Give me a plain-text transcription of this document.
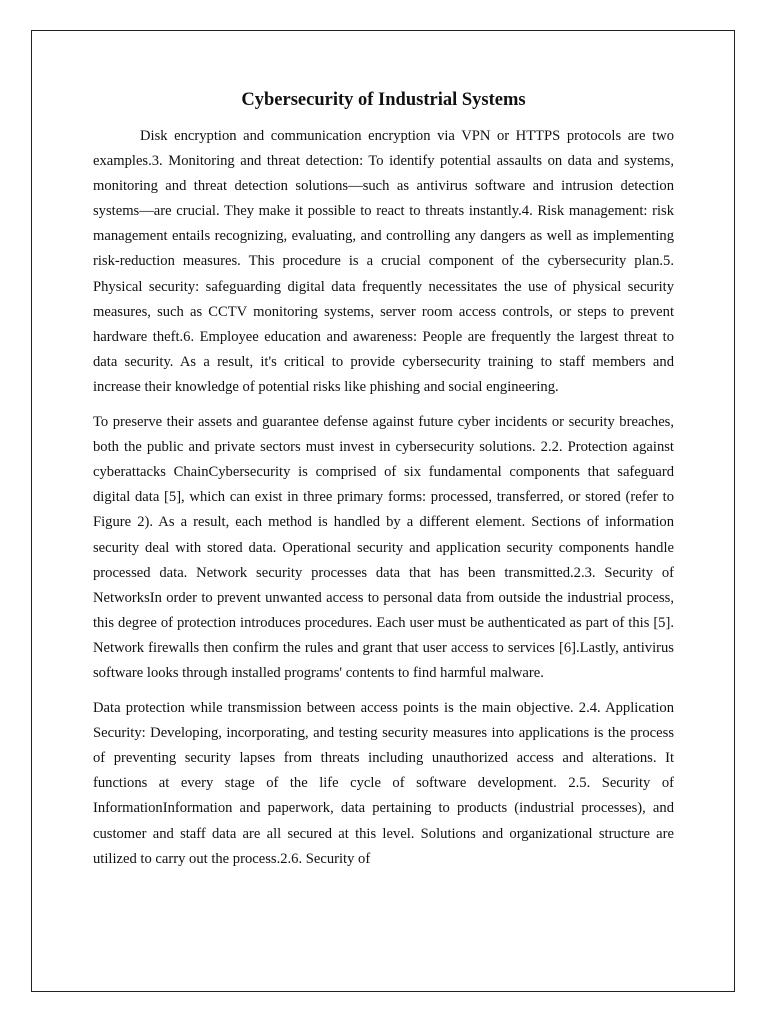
Cybersecurity of Industrial Systems

Disk encryption and communication encryption via VPN or HTTPS protocols are two examples.3. Monitoring and threat detection: To identify potential assaults on data and systems, monitoring and threat detection solutions—such as antivirus software and intrusion detection systems—are crucial. They make it possible to react to threats instantly.4. Risk management: risk management entails recognizing, evaluating, and controlling any dangers as well as implementing risk-reduction measures. This procedure is a crucial component of the cybersecurity plan.5. Physical security: safeguarding digital data frequently necessitates the use of physical security measures, such as CCTV monitoring systems, server room access controls, or steps to prevent hardware theft.6. Employee education and awareness: People are frequently the largest threat to data security. As a result, it's critical to provide cybersecurity training to staff members and increase their knowledge of potential risks like phishing and social engineering.

To preserve their assets and guarantee defense against future cyber incidents or security breaches, both the public and private sectors must invest in cybersecurity solutions. 2.2. Protection against cyberattacks ChainCybersecurity is comprised of six fundamental components that safeguard digital data [5], which can exist in three primary forms: processed, transferred, or stored (refer to Figure 2). As a result, each method is handled by a different element. Sections of information security deal with stored data. Operational security and application security components handle processed data. Network security processes data that has been transmitted.2.3. Security of NetworksIn order to prevent unwanted access to personal data from outside the industrial process, this degree of protection introduces procedures. Each user must be authenticated as part of this [5]. Network firewalls then confirm the rules and grant that user access to services [6].Lastly, antivirus software looks through installed programs' contents to find harmful malware.

Data protection while transmission between access points is the main objective. 2.4. Application Security: Developing, incorporating, and testing security measures into applications is the process of preventing security lapses from threats including unauthorized access and alterations. It functions at every stage of the life cycle of software development. 2.5. Security of InformationInformation and paperwork, data pertaining to products (industrial processes), and customer and staff data are all secured at this level. Solutions and organizational structure are utilized to carry out the process.2.6. Security of
